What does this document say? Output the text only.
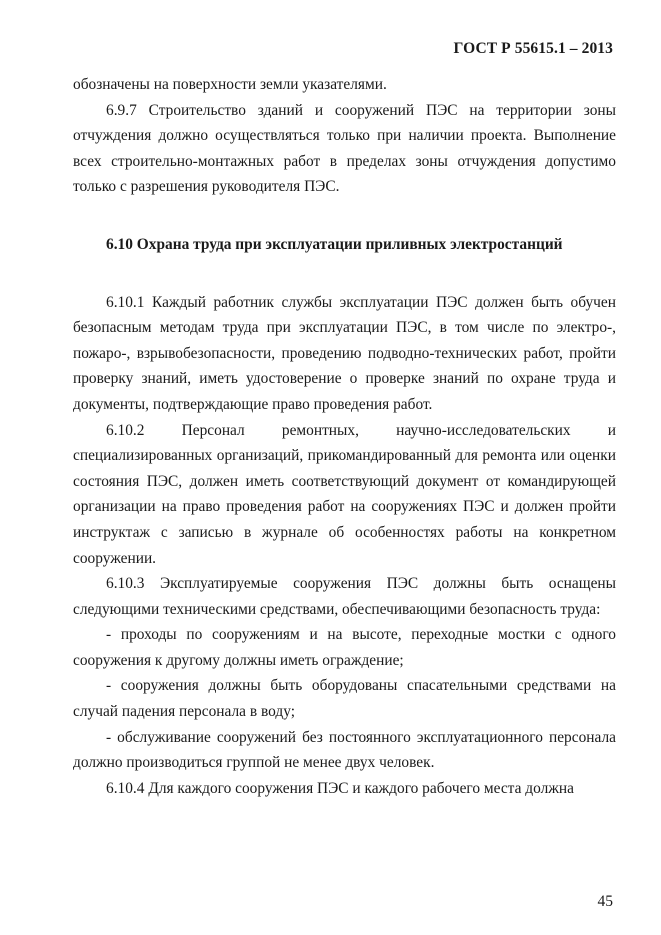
ГОСТ Р 55615.1 – 2013

обозначены на поверхности земли указателями.

6.9.7 Строительство зданий и сооружений ПЭС на территории зоны отчуждения должно осуществляться только при наличии проекта. Выполнение всех строительно-монтажных работ в пределах зоны отчуждения допустимо только с разрешения руководителя ПЭС.

6.10 Охрана труда при эксплуатации приливных электростанций

6.10.1 Каждый работник службы эксплуатации ПЭС должен быть обучен безопасным методам труда при эксплуатации ПЭС, в том числе по электро-, пожаро-, взрывобезопасности, проведению подводно-технических работ, пройти проверку знаний, иметь удостоверение о проверке знаний по охране труда и документы, подтверждающие право проведения работ.

6.10.2 Персонал ремонтных, научно-исследовательских и специализированных организаций, прикомандированный для ремонта или оценки состояния ПЭС, должен иметь соответствующий документ от командирующей организации на право проведения работ на сооружениях ПЭС и должен пройти инструктаж с записью в журнале об особенностях работы на конкретном сооружении.

6.10.3 Эксплуатируемые сооружения ПЭС должны быть оснащены следующими техническими средствами, обеспечивающими безопасность труда:

- проходы по сооружениям и на высоте, переходные мостки с одного сооружения к другому должны иметь ограждение;

- сооружения должны быть оборудованы спасательными средствами на случай падения персонала в воду;

- обслуживание сооружений без постоянного эксплуатационного персонала должно производиться группой не менее двух человек.

6.10.4 Для каждого сооружения ПЭС и каждого рабочего места должна

45
